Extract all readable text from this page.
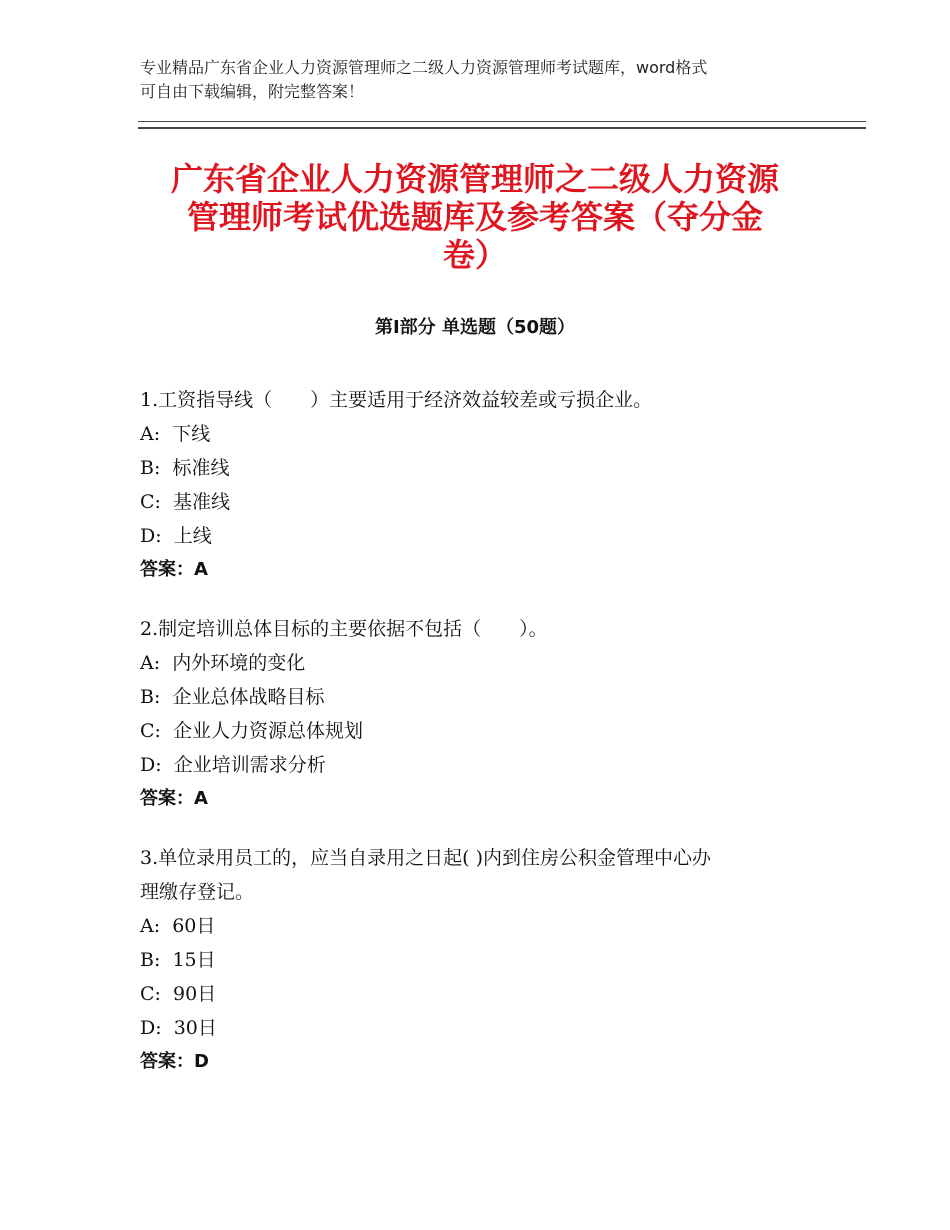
专业精品广东省企业人力资源管理师之二级人力资源管理师考试题库，word格式
可自由下载编辑，附完整答案！
广东省企业人力资源管理师之二级人力资源
管理师考试优选题库及参考答案（夺分金
卷）
第Ⅰ部分 单选题（50题）
1.工资指导线（　　）主要适用于经济效益较差或亏损企业。
A:  下线
B:  标准线
C:  基准线
D:  上线
答案：A
2.制定培训总体目标的主要依据不包括（　　）。
A:  内外环境的变化
B:  企业总体战略目标
C:  企业人力资源总体规划
D:  企业培训需求分析
答案：A
3.单位录用员工的，应当自录用之日起( )内到住房公积金管理中心办
理缴存登记。
A:  60日
B:  15日
C:  90日
D:  30日
答案：D
